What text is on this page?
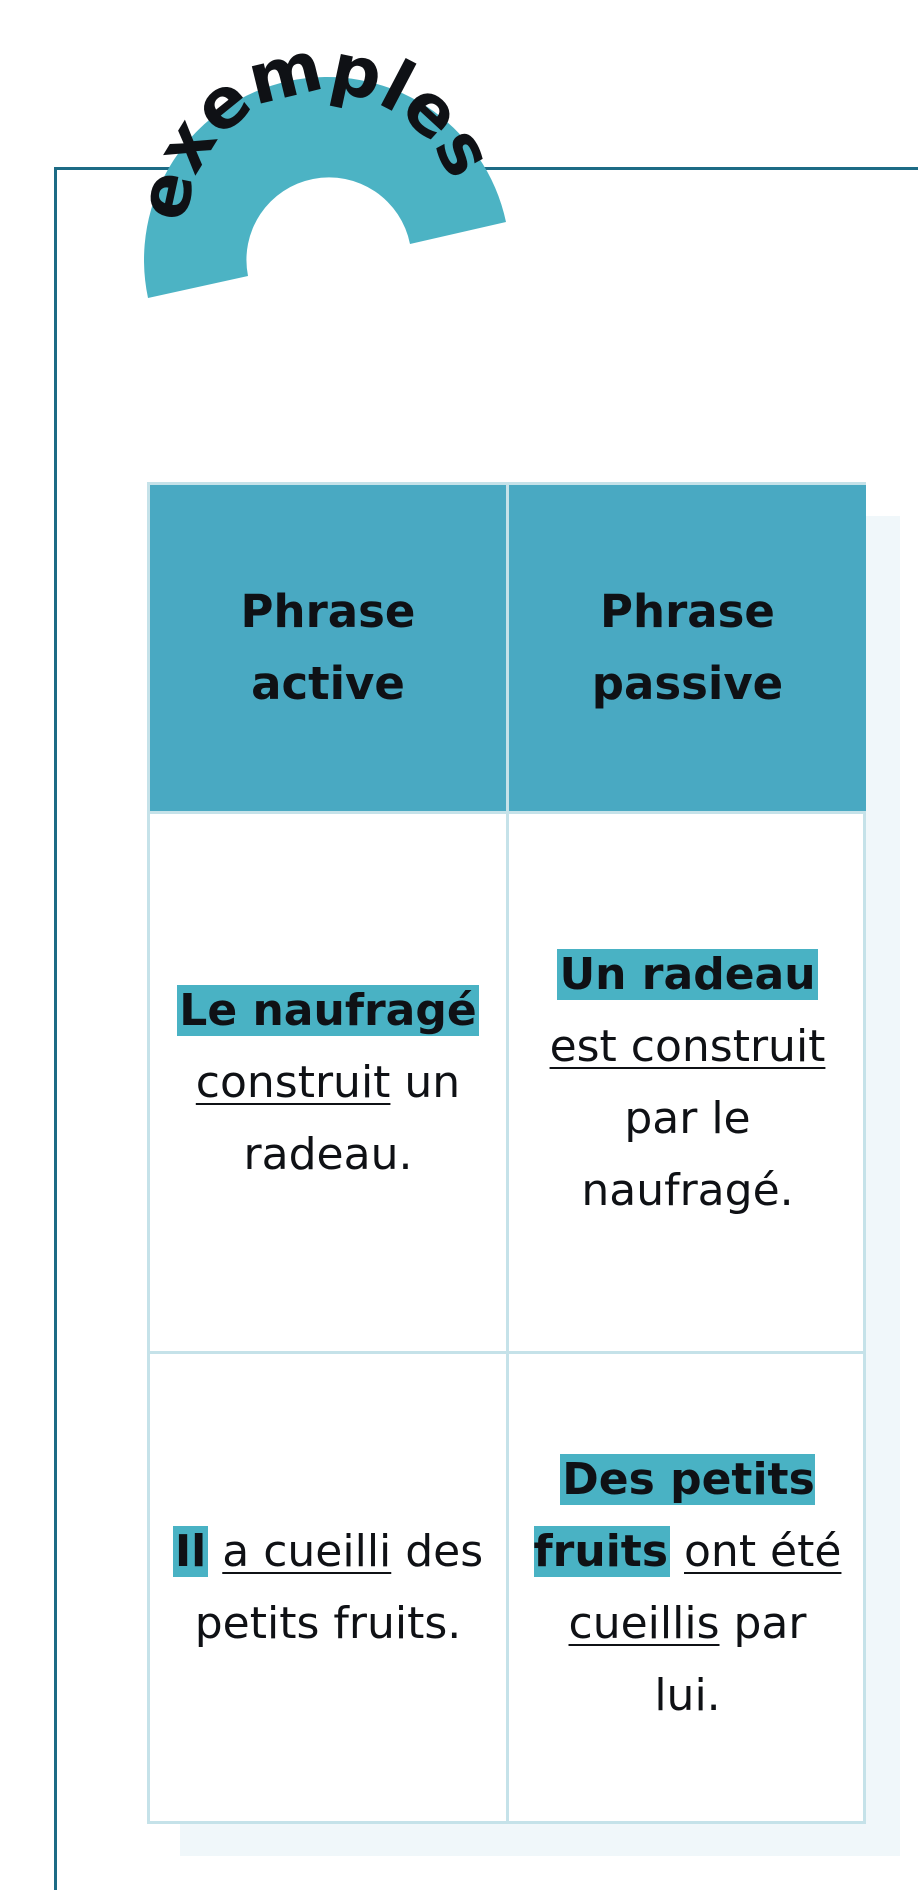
exemples
Phrase active
Phrase passive
Le naufragé construit un radeau.
Un radeau est construit par le naufragé.
Il a cueilli des petits fruits.
Des petits fruits ont été cueillis par lui.
